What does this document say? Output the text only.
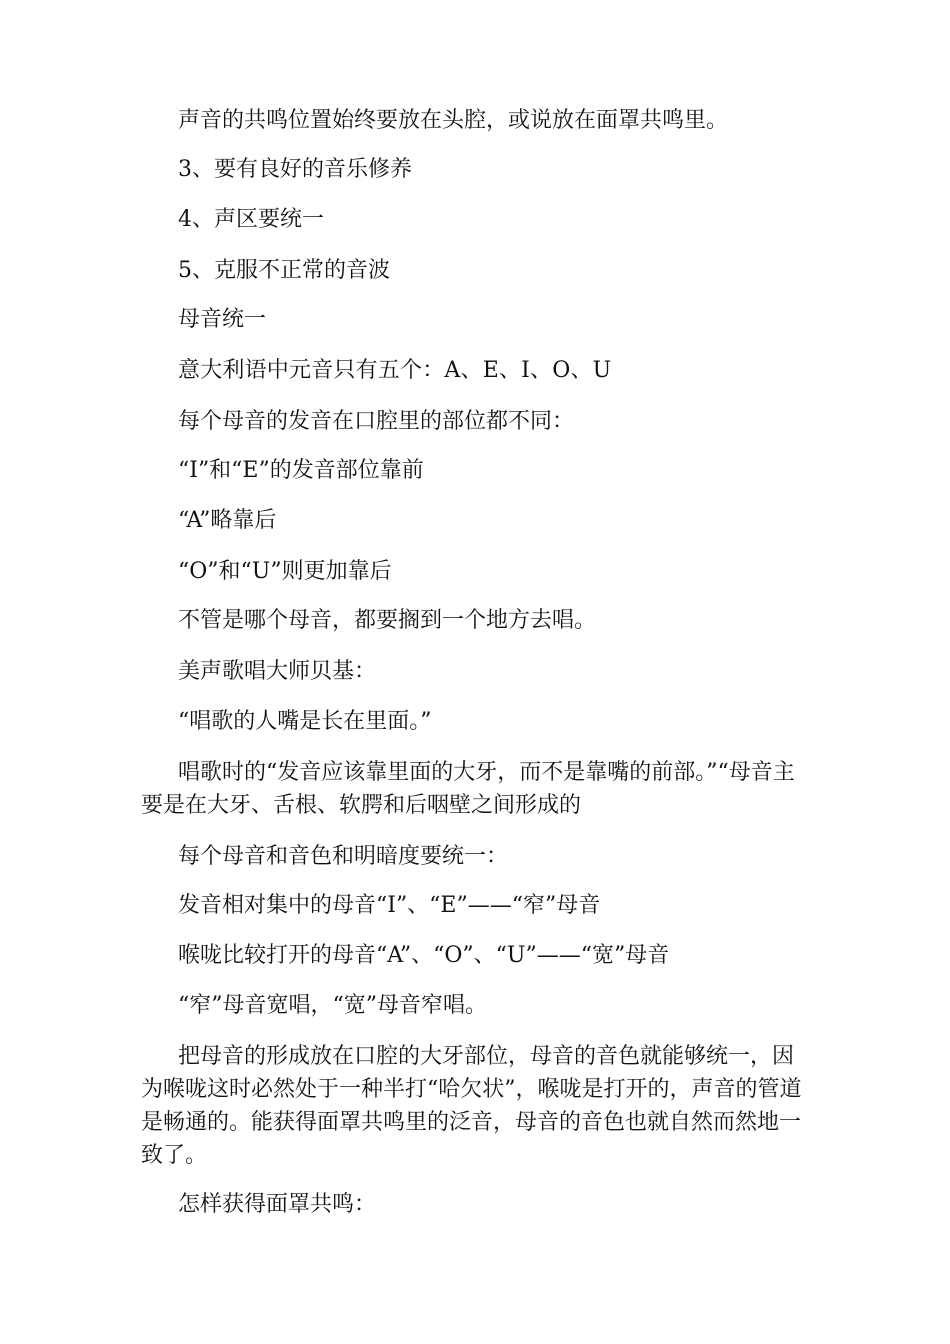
声音的共鸣位置始终要放在头腔，或说放在面罩共鸣里。

3、要有良好的音乐修养

4、声区要统一

5、克服不正常的音波

母音统一

意大利语中元音只有五个：A、E、I、O、U

每个母音的发音在口腔里的部位都不同：

“I”和“E”的发音部位靠前

“A”略靠后

“O”和“U”则更加靠后

不管是哪个母音，都要搁到一个地方去唱。

美声歌唱大师贝基：

“唱歌的人嘴是长在里面。”

唱歌时的“发音应该靠里面的大牙，而不是靠嘴的前部。”“母音主要是在大牙、舌根、软腭和后咽壁之间形成的

每个母音和音色和明暗度要统一：

发音相对集中的母音“I”、“E”——“窄”母音

喉咙比较打开的母音“A”、“O”、“U”——“宽”母音

“窄”母音宽唱，“宽”母音窄唱。

把母音的形成放在口腔的大牙部位，母音的音色就能够统一，因为喉咙这时必然处于一种半打“哈欠状”，喉咙是打开的，声音的管道是畅通的。能获得面罩共鸣里的泛音，母音的音色也就自然而然地一致了。

怎样获得面罩共鸣：
